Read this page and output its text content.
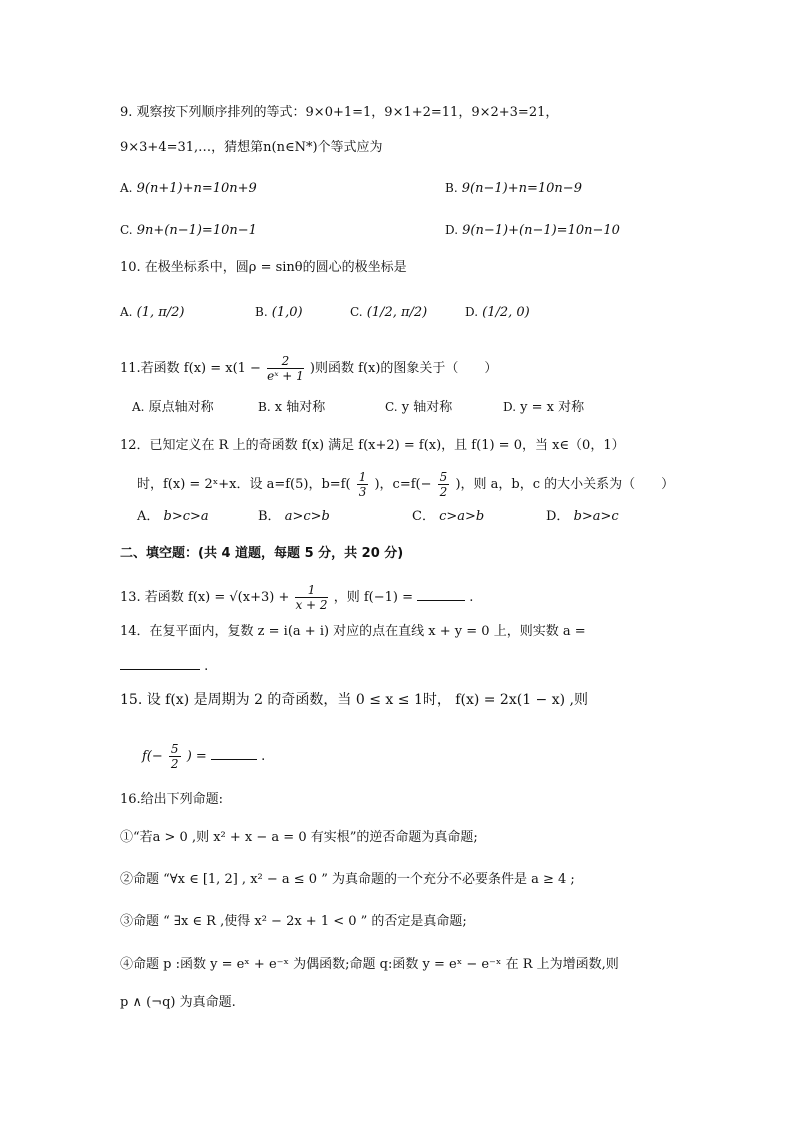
9. 观察按下列顺序排列的等式：9×0+1=1，9×1+2=11，9×2+3=21，
9×3+4=31,…，猜想第n(n∈N*)个等式应为
A. 9(n+1)+n=10n+9	B. 9(n−1)+n=10n−9
C. 9n+(n−1)=10n−1	D. 9(n−1)+(n−1)=10n−10
10. 在极坐标系中，圆ρ = sinθ的圆心的极坐标是
A. (1, π/2)	B. (1,0)	C. (1/2, π/2)	D. (1/2, 0)
11.若函数 $f(x) = x(1 - \frac{2}{\text{eˣ + 1}}$ )则函数 f(x)的图象关于（　　）
A. 原点轴对称	B. x 轴对称	C. y 轴对称	D. y = x 对称
12．已知定义在 R 上的奇函数 f(x) 满足 f(x+2) = f(x)，且 f(1) = 0，当 x∈（0，1）
时，f(x) = 2ˣ+x．设 a=f(5)，$b=f( \frac{1}{3}$ )，$c=f(- \frac{5}{2}$ )，则 a，b，c 的大小关系为（　　）
A． b>c>a	B． a>c>b	C． c>a>b	D． b>a>c
二、填空题：(共 4 道题，每题 5 分，共 20 分)
13. 若函数 $f(x) = √(x+3) + \frac{1}{x + 2}$ ，则 f(−1) =	.
14．在复平面内，复数 z = i(a + i) 对应的点在直线 x + y = 0 上，则实数 a =
.
15. 设 f(x) 是周期为 2 的奇函数，当 0 ≤ x ≤ 1时， f(x) = 2x(1 − x) ,则
$f(- \frac{5}{2}$ ) =	.
16.给出下列命题:
①“若a > 0 ,则 x² + x − a = 0 有实根”的逆否命题为真命题;
②命题 “∀x ∈ [1, 2] , x² − a ≤ 0 ” 为真命题的一个充分不必要条件是 a ≥ 4 ;
③命题 “ ∃x ∈ R ,使得 x² − 2x + 1 < 0 ” 的否定是真命题;
④命题 p :函数 y = eˣ + e⁻ˣ 为偶函数;命题 q:函数 y = eˣ − e⁻ˣ 在 R 上为增函数,则
p ∧ (¬q) 为真命题.
